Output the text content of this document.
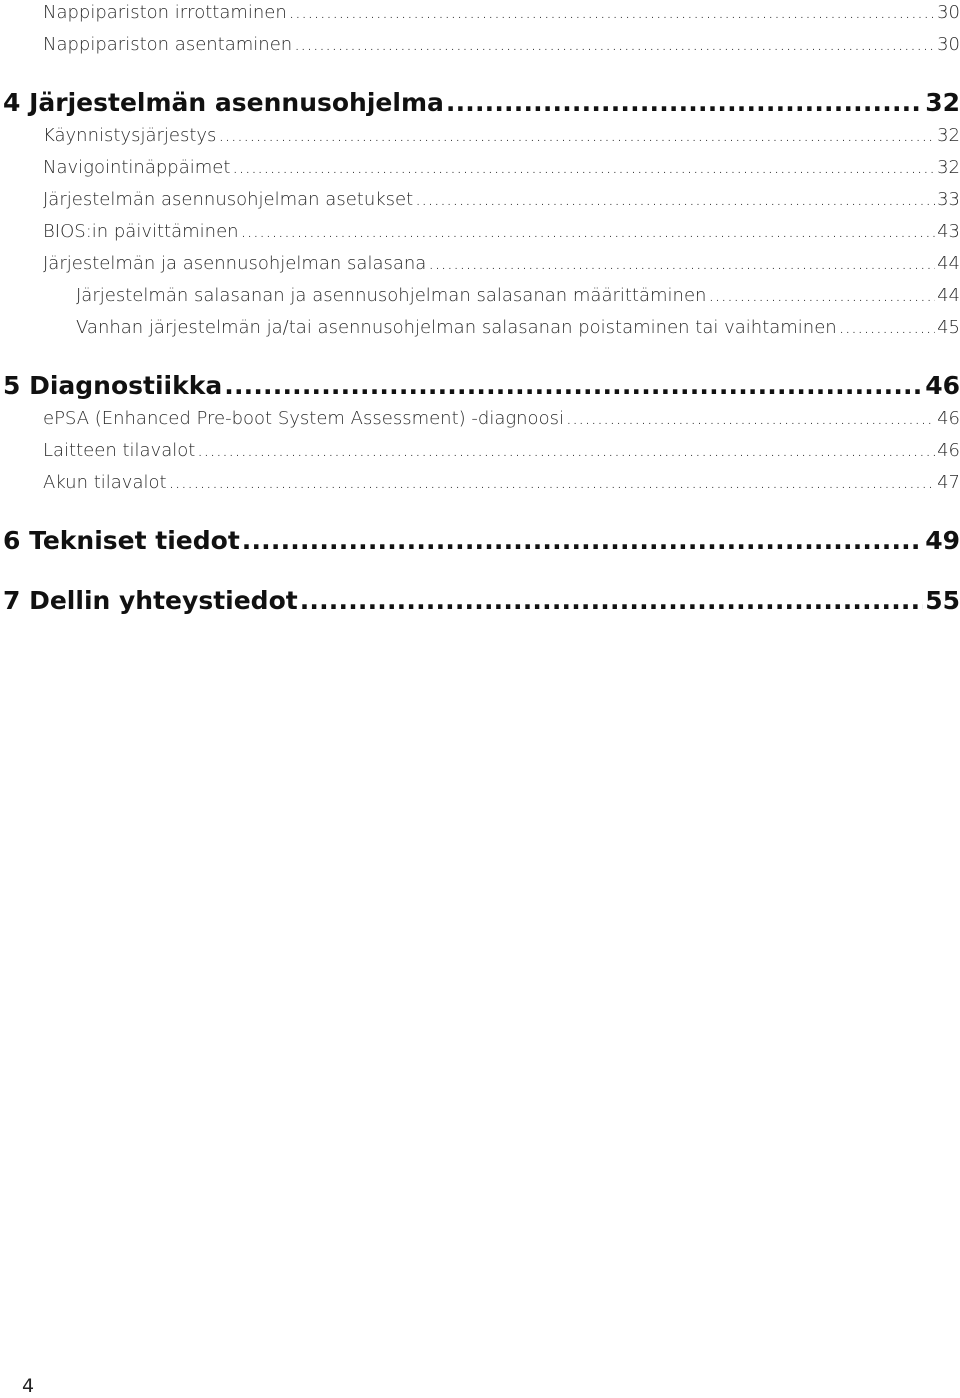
Nappipariston irrottaminen .....	30
Nappipariston asentaminen .....	30
4 Järjestelmän asennusohjelma .....	32
Käynnistysjärjestys .....	32
Navigointinäppäimet .....	32
Järjestelmän asennusohjelman asetukset .....	33
BIOS:in päivittäminen .....	43
Järjestelmän ja asennusohjelman salasana .....	44
Järjestelmän salasanan ja asennusohjelman salasanan määrittäminen .....	44
Vanhan järjestelmän ja/tai asennusohjelman salasanan poistaminen tai vaihtaminen .....	45
5 Diagnostiikka .....	46
ePSA (Enhanced Pre-boot System Assessment) -diagnoosi .....	46
Laitteen tilavalot .....	46
Akun tilavalot .....	47
6 Tekniset tiedot .....	49
7 Dellin yhteystiedot .....	55
4
